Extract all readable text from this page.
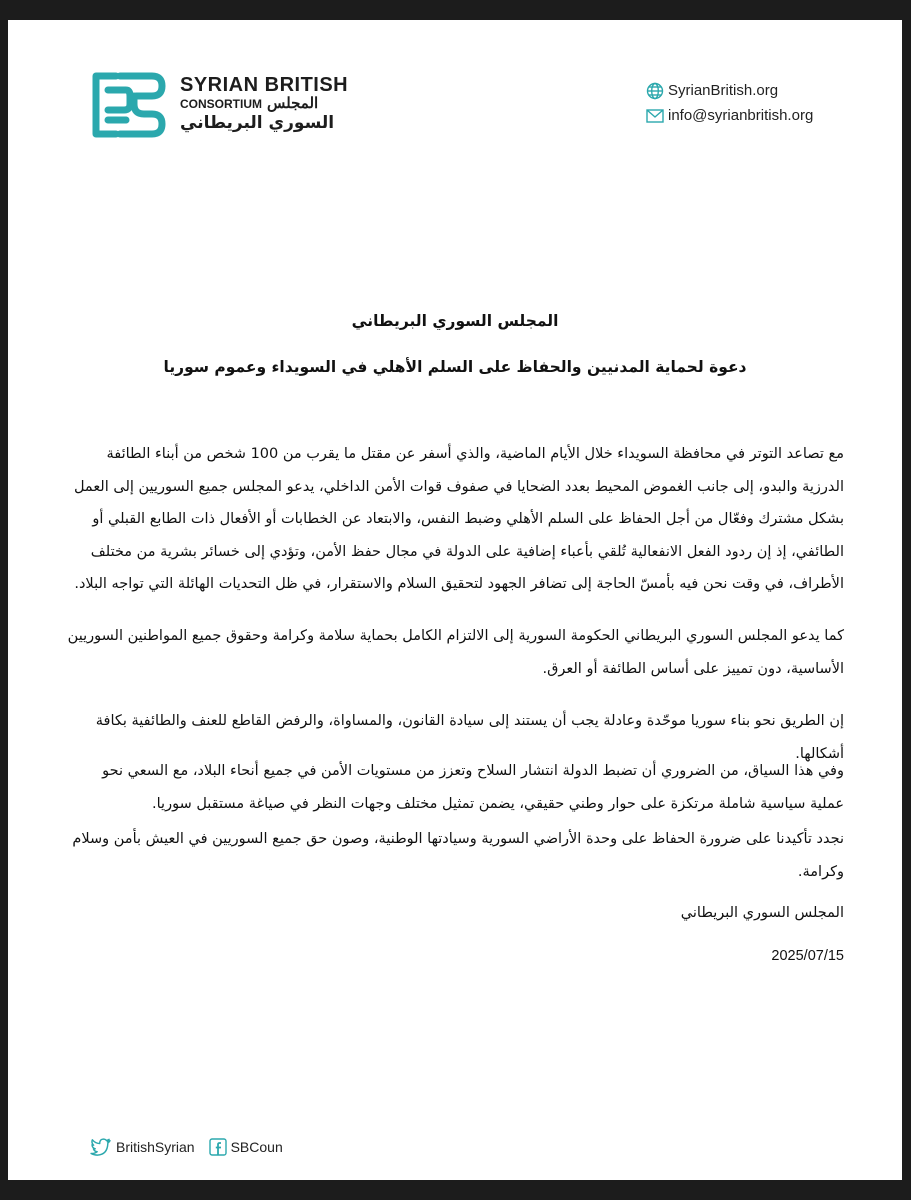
SYRIAN BRITISH
CONSORTIUM المجلس
السوري البريطاني
SyrianBritish.org
info@syrianbritish.org
المجلس السوري البريطاني
دعوة لحماية المدنيين والحفاظ على السلم الأهلي في السويداء وعموم سوريا
مع تصاعد التوتر في محافظة السويداء خلال الأيام الماضية، والذي أسفر عن مقتل ما يقرب من 100 شخص من أبناء الطائفة الدرزية والبدو، إلى جانب الغموض المحيط بعدد الضحايا في صفوف قوات الأمن الداخلي، يدعو المجلس جميع السوريين إلى العمل بشكل مشترك وفعّال من أجل الحفاظ على السلم الأهلي وضبط النفس، والابتعاد عن الخطابات أو الأفعال ذات الطابع القبلي أو الطائفي، إذ إن ردود الفعل الانفعالية تُلقي بأعباء إضافية على الدولة في مجال حفظ الأمن، وتؤدي إلى خسائر بشرية من مختلف الأطراف، في وقت نحن فيه بأمسّ الحاجة إلى تضافر الجهود لتحقيق السلام والاستقرار، في ظل التحديات الهائلة التي تواجه البلاد.
كما يدعو المجلس السوري البريطاني الحكومة السورية إلى الالتزام الكامل بحماية سلامة وكرامة وحقوق جميع المواطنين السوريين الأساسية، دون تمييز على أساس الطائفة أو العرق.
إن الطريق نحو بناء سوريا موحّدة وعادلة يجب أن يستند إلى سيادة القانون، والمساواة، والرفض القاطع للعنف والطائفية بكافة أشكالها.
وفي هذا السياق، من الضروري أن تضبط الدولة انتشار السلاح وتعزز من مستويات الأمن في جميع أنحاء البلاد، مع السعي نحو عملية سياسية شاملة مرتكزة على حوار وطني حقيقي، يضمن تمثيل مختلف وجهات النظر في صياغة مستقبل سوريا.
نجدد تأكيدنا على ضرورة الحفاظ على وحدة الأراضي السورية وسيادتها الوطنية، وصون حق جميع السوريين في العيش بأمن وسلام وكرامة.
المجلس السوري البريطاني
2025/07/15
BritishSyrian	SBCoun
